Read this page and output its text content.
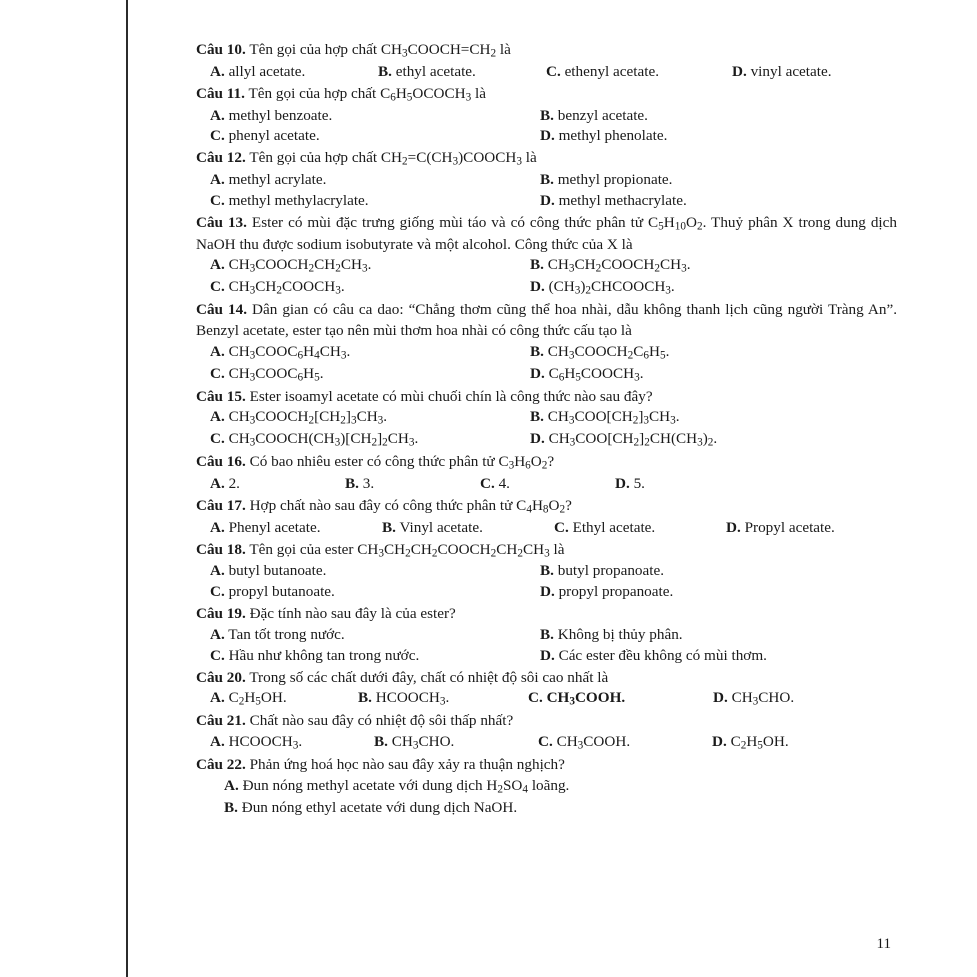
Câu 10. Tên gọi của hợp chất $CH_3COOCH=CH_2$ là
A. allyl acetate.	B. ethyl acetate.	C. ethenyl acetate.	D. vinyl acetate.
Câu 11. Tên gọi của hợp chất $C_6H_5OCOCH_3$ là
A. methyl benzoate.	B. benzyl acetate.
C. phenyl acetate.	D. methyl phenolate.
Câu 12. Tên gọi của hợp chất $CH_2=C(CH_3)COOCH_3$ là
A. methyl acrylate.	B. methyl propionate.
C. methyl methylacrylate.	D. methyl methacrylate.
Câu 13. Ester có mùi đặc trưng giống mùi táo và có công thức phân tử $C_5H_{10}O_2$. Thuỷ phân X trong dung dịch NaOH thu được sodium isobutyrate và một alcohol. Công thức của X là
A. $CH_3COOCH_2CH_2CH_3$.	B. $CH_3CH_2COOCH_2CH_3$.
C. $CH_3CH_2COOCH_3$.	D. $(CH_3)_2CHCOOCH_3$.
Câu 14. Dân gian có câu ca dao: “Chẳng thơm cũng thể hoa nhài, dẫu không thanh lịch cũng người Tràng An”. Benzyl acetate, ester tạo nên mùi thơm hoa nhài có công thức cấu tạo là
A. $CH_3COOC_6H_4CH_3$.	B. $CH_3COOCH_2C_6H_5$.
C. $CH_3COOC_6H_5$.	D. $C_6H_5COOCH_3$.
Câu 15. Ester isoamyl acetate có mùi chuối chín là công thức nào sau đây?
A. $CH_3COOCH_2[CH_2]_3CH_3$.	B. $CH_3COO[CH_2]_3CH_3$.
C. $CH_3COOCH(CH_3)[CH_2]_2CH_3$.	D. $CH_3COO[CH_2]_2CH(CH_3)_2$.
Câu 16. Có bao nhiêu ester có công thức phân tử $C_3H_6O_2$?
A. 2.	B. 3.	C. 4.	D. 5.
Câu 17. Hợp chất nào sau đây có công thức phân tử $C_4H_8O_2$?
A. Phenyl acetate.	B. Vinyl acetate.	C. Ethyl acetate.	D. Propyl acetate.
Câu 18. Tên gọi của ester $CH_3CH_2CH_2COOCH_2CH_2CH_3$ là
A. butyl butanoate.	B. butyl propanoate.
C. propyl butanoate.	D. propyl propanoate.
Câu 19. Đặc tính nào sau đây là của ester?
A. Tan tốt trong nước.	B. Không bị thủy phân.
C. Hầu như không tan trong nước.	D. Các ester đều không có mùi thơm.
Câu 20. Trong số các chất dưới đây, chất có nhiệt độ sôi cao nhất là
A. $C_2H_5OH$.	B. $HCOOCH_3$.	C. $CH_3COOH$.	D. $CH_3CHO$.
Câu 21. Chất nào sau đây có nhiệt độ sôi thấp nhất?
A. $HCOOCH_3$.	B. $CH_3CHO$.	C. $CH_3COOH$.	D. $C_2H_5OH$.
Câu 22. Phản ứng hoá học nào sau đây xảy ra thuận nghịch?
A. Đun nóng methyl acetate với dung dịch $H_2SO_4$ loãng.
B. Đun nóng ethyl acetate với dung dịch NaOH.
11
